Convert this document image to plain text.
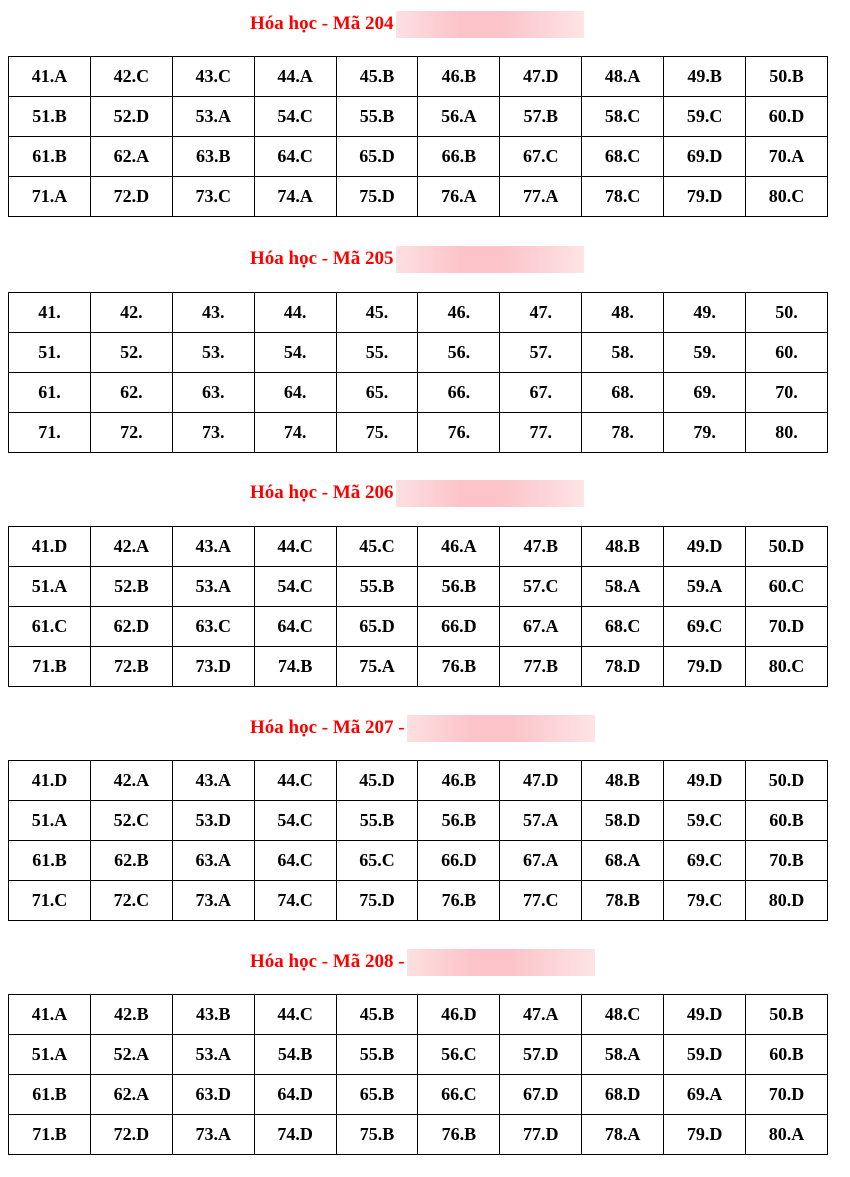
Hóa học - Mã 204
41.A	42.C	43.C	44.A	45.B	46.B	47.D	48.A	49.B	50.B
51.B	52.D	53.A	54.C	55.B	56.A	57.B	58.C	59.C	60.D
61.B	62.A	63.B	64.C	65.D	66.B	67.C	68.C	69.D	70.A
71.A	72.D	73.C	74.A	75.D	76.A	77.A	78.C	79.D	80.C
Hóa học - Mã 205
41.	42.	43.	44.	45.	46.	47.	48.	49.	50.
51.	52.	53.	54.	55.	56.	57.	58.	59.	60.
61.	62.	63.	64.	65.	66.	67.	68.	69.	70.
71.	72.	73.	74.	75.	76.	77.	78.	79.	80.
Hóa học - Mã 206
41.D	42.A	43.A	44.C	45.C	46.A	47.B	48.B	49.D	50.D
51.A	52.B	53.A	54.C	55.B	56.B	57.C	58.A	59.A	60.C
61.C	62.D	63.C	64.C	65.D	66.D	67.A	68.C	69.C	70.D
71.B	72.B	73.D	74.B	75.A	76.B	77.B	78.D	79.D	80.C
Hóa học - Mã 207 -
41.D	42.A	43.A	44.C	45.D	46.B	47.D	48.B	49.D	50.D
51.A	52.C	53.D	54.C	55.B	56.B	57.A	58.D	59.C	60.B
61.B	62.B	63.A	64.C	65.C	66.D	67.A	68.A	69.C	70.B
71.C	72.C	73.A	74.C	75.D	76.B	77.C	78.B	79.C	80.D
Hóa học - Mã 208 -
41.A	42.B	43.B	44.C	45.B	46.D	47.A	48.C	49.D	50.B
51.A	52.A	53.A	54.B	55.B	56.C	57.D	58.A	59.D	60.B
61.B	62.A	63.D	64.D	65.B	66.C	67.D	68.D	69.A	70.D
71.B	72.D	73.A	74.D	75.B	76.B	77.D	78.A	79.D	80.A
